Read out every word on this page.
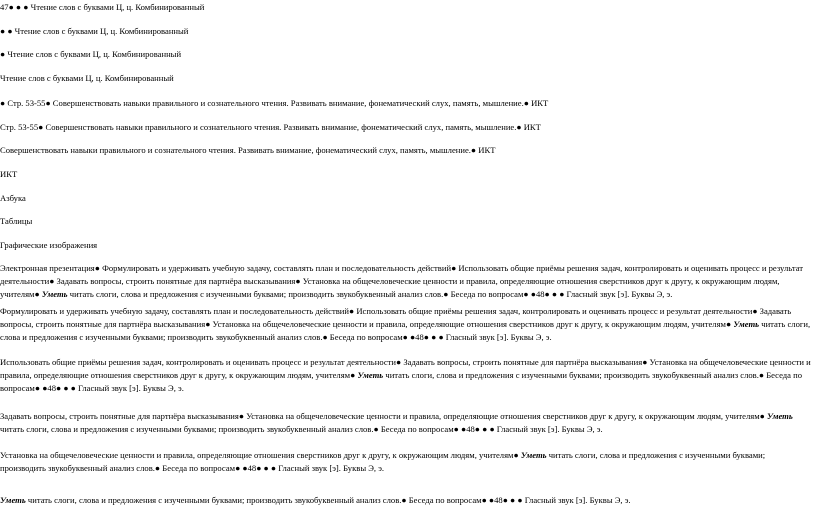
47● ● ● Чтение слов с буквами Ц, ц. Комбинированный
● ● Чтение слов с буквами Ц, ц. Комбинированный
● Чтение слов с буквами Ц, ц. Комбинированный
Чтение слов с буквами Ц, ц. Комбинированный
● Стр. 53-55● Совершенствовать навыки правильного и сознательного чтения. Развивать внимание, фонематический слух, память, мышление.● ИКТ
Стр. 53-55● Совершенствовать навыки правильного и сознательного чтения. Развивать внимание, фонематический слух, память, мышление.● ИКТ
Совершенствовать навыки правильного и сознательного чтения. Развивать внимание, фонематический слух, память, мышление.● ИКТ
ИКТ
Азбука
Таблицы
Графические изображения
Электронная презентация● Формулировать и удерживать учебную задачу, составлять план и последовательность действий● Использовать общие приёмы решения задач, контролировать и оценивать процесс и результат деятельности● Задавать вопросы, строить понятные для партнёра высказывания● Установка на общечеловеческие ценности и правила, определяющие отношения сверстников друг к другу, к окружающим людям, учителям● Уметь читать слоги, слова и предложения с изученными буквами; производить звукобуквенный анализ слов.● Беседа по вопросам● ●48● ● ● Гласный звук [э]. Буквы Э, э.
Формулировать и удерживать учебную задачу, составлять план и последовательность действий● Использовать общие приёмы решения задач, контролировать и оценивать процесс и результат деятельности● Задавать вопросы, строить понятные для партнёра высказывания● Установка на общечеловеческие ценности и правила, определяющие отношения сверстников друг к другу, к окружающим людям, учителям● Уметь читать слоги, слова и предложения с изученными буквами; производить звукобуквенный анализ слов.● Беседа по вопросам● ●48● ● ● Гласный звук [э]. Буквы Э, э.
Использовать общие приёмы решения задач, контролировать и оценивать процесс и результат деятельности● Задавать вопросы, строить понятные для партнёра высказывания● Установка на общечеловеческие ценности и правила, определяющие отношения сверстников друг к другу, к окружающим людям, учителям● Уметь читать слоги, слова и предложения с изученными буквами; производить звукобуквенный анализ слов.● Беседа по вопросам● ●48● ● ● Гласный звук [э]. Буквы Э, э.
Задавать вопросы, строить понятные для партнёра высказывания● Установка на общечеловеческие ценности и правила, определяющие отношения сверстников друг к другу, к окружающим людям, учителям● Уметь читать слоги, слова и предложения с изученными буквами; производить звукобуквенный анализ слов.● Беседа по вопросам● ●48● ● ● Гласный звук [э]. Буквы Э, э.
Установка на общечеловеческие ценности и правила, определяющие отношения сверстников друг к другу, к окружающим людям, учителям● Уметь читать слоги, слова и предложения с изученными буквами; производить звукобуквенный анализ слов.● Беседа по вопросам● ●48● ● ● Гласный звук [э]. Буквы Э, э.
Уметь читать слоги, слова и предложения с изученными буквами; производить звукобуквенный анализ слов.● Беседа по вопросам● ●48● ● ● Гласный звук [э]. Буквы Э, э.
